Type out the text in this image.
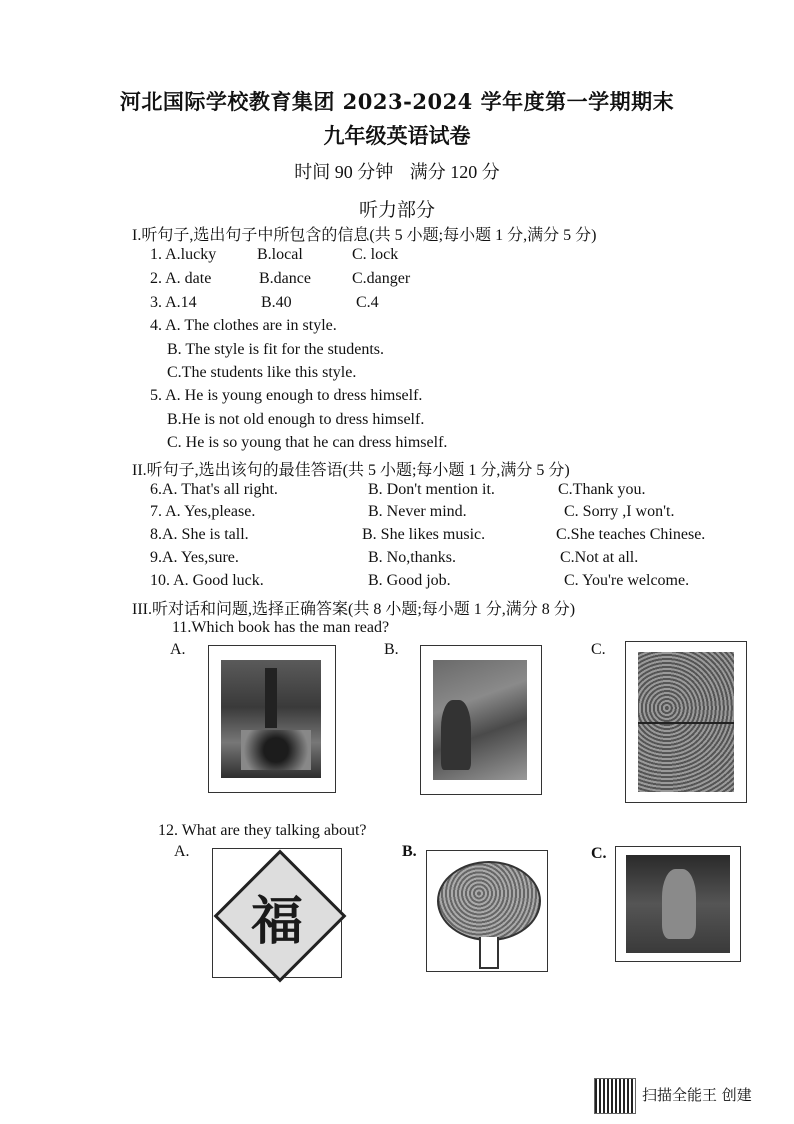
河北国际学校教育集团 2023-2024 学年度第一学期期末
九年级英语试卷
时间 90 分钟 满分 120 分
听力部分
I.听句子,选出句子中所包含的信息(共 5 小题;每小题 1 分,满分 5 分)
1. A.lucky	B.local	C. lock
2. A. date	B.dance	C.danger
3. A.14	B.40	C.4
4. A. The clothes are in style.
B. The style is fit for the students.
C.The students like this style.
5. A. He is young enough to dress himself.
B.He is not old enough to dress himself.
C. He is so young that he can dress himself.
II.听句子,选出该句的最佳答语(共 5 小题;每小题 1 分,满分 5 分)
6.A. That's all right.	B. Don't mention it.	C.Thank you.
7. A. Yes,please.	B. Never mind.	C. Sorry ,I won't.
8.A. She is tall.	B. She likes music.	C.She teaches Chinese.
9.A. Yes,sure.	B. No,thanks.	C.Not at all.
10. A. Good luck.	B. Good job.	C. You're welcome.
III.听对话和问题,选择正确答案(共 8 小题;每小题 1 分,满分 8 分)
11.Which book has the man read?
A.	B.	C.
12. What are they talking about?
A.
福
B.	C.
扫描全能王 创建
